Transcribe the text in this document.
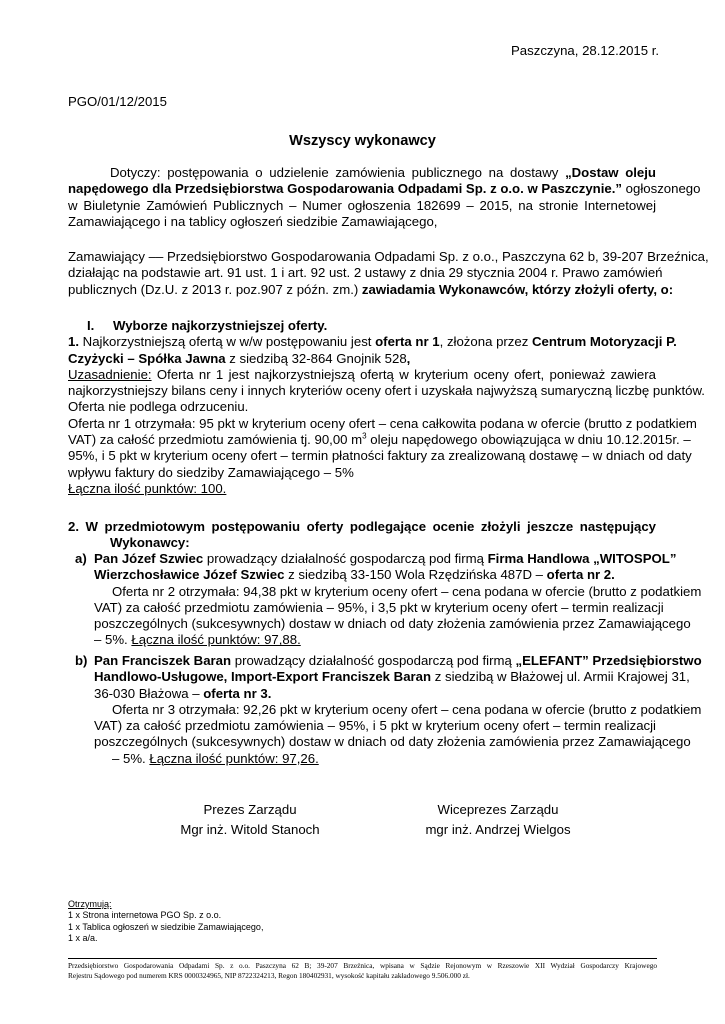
Paszczyna, 28.12.2015 r.
PGO/01/12/2015
Wszyscy wykonawcy
Dotyczy: postępowania o udzielenie zamówienia publicznego na dostawy „Dostaw oleju
napędowego dla Przedsiębiorstwa Gospodarowania Odpadami Sp. z o.o. w Paszczynie.” ogłoszonego
w Biuletynie Zamówień Publicznych – Numer ogłoszenia 182699 – 2015, na stronie Internetowej
Zamawiającego i na tablicy ogłoszeń siedzibie Zamawiającego,
Zamawiający –– Przedsiębiorstwo Gospodarowania Odpadami Sp. z o.o., Paszczyna 62 b, 39-207 Brzeźnica,
działając na podstawie art. 91 ust. 1 i art. 92 ust. 2 ustawy z dnia 29 stycznia 2004 r. Prawo zamówień
publicznych (Dz.U. z 2013 r. poz.907 z późn. zm.) zawiadamia Wykonawców, którzy złożyli oferty, o:
I. Wyborze najkorzystniejszej oferty.
1. Najkorzystniejszą ofertą w w/w postępowaniu jest oferta nr 1, złożona przez Centrum Motoryzacji P.
Czyżycki – Spółka Jawna z siedzibą 32-864 Gnojnik 528,
Uzasadnienie: Oferta nr 1 jest najkorzystniejszą ofertą w kryterium oceny ofert, ponieważ zawiera
najkorzystniejszy bilans ceny i innych kryteriów oceny ofert i uzyskała najwyższą sumaryczną liczbę punktów.
Oferta nie podlega odrzuceniu.
Oferta nr 1 otrzymała: 95 pkt w kryterium oceny ofert – cena całkowita podana w ofercie (brutto z podatkiem
VAT) za całość przedmiotu zamówienia tj. 90,00 $m^3$ oleju napędowego obowiązująca w dniu 10.12.2015r. –
95%, i 5 pkt w kryterium oceny ofert – termin płatności faktury za zrealizowaną dostawę – w dniach od daty
wpływu faktury do siedziby Zamawiającego – 5%
Łączna ilość punktów: 100.
2. W przedmiotowym postępowaniu oferty podlegające ocenie złożyli jeszcze następujący
Wykonawcy:
a) Pan Józef Szwiec prowadzący działalność gospodarczą pod firmą Firma Handlowa „WITOSPOL”
Wierzchosławice Józef Szwiec z siedzibą 33-150 Wola Rzędzińska 487D – oferta nr 2.
Oferta nr 2 otrzymała: 94,38 pkt w kryterium oceny ofert – cena podana w ofercie (brutto z podatkiem
VAT) za całość przedmiotu zamówienia – 95%, i 3,5 pkt w kryterium oceny ofert – termin realizacji
poszczególnych (sukcesywnych) dostaw w dniach od daty złożenia zamówienia przez Zamawiającego
– 5%. Łączna ilość punktów: 97,88.
b) Pan Franciszek Baran prowadzący działalność gospodarczą pod firmą „ELEFANT” Przedsiębiorstwo
Handlowo-Usługowe, Import-Export Franciszek Baran z siedzibą w Błażowej ul. Armii Krajowej 31,
36-030 Błażowa – oferta nr 3.
Oferta nr 3 otrzymała: 92,26 pkt w kryterium oceny ofert – cena podana w ofercie (brutto z podatkiem
VAT) za całość przedmiotu zamówienia – 95%, i 5 pkt w kryterium oceny ofert – termin realizacji
poszczególnych (sukcesywnych) dostaw w dniach od daty złożenia zamówienia przez Zamawiającego
– 5%. Łączna ilość punktów: 97,26.
Prezes Zarządu
Mgr inż. Witold Stanoch
Wiceprezes Zarządu
mgr inż. Andrzej Wielgos
Otrzymują:
1 x Strona internetowa PGO Sp. z o.o.
1 x Tablica ogłoszeń w siedzibie Zamawiającego,
1 x a/a.
Przedsiębiorstwo Gospodarowania Odpadami Sp. z o.o. Paszczyna 62 B; 39-207 Brzeźnica, wpisana w Sądzie Rejonowym w Rzeszowie XII Wydział Gospodarczy Krajowego
Rejestru Sądowego pod numerem KRS 0000324965, NIP 8722324213, Regon 180402931, wysokość kapitału zakładowego 9.506.000 zł.
